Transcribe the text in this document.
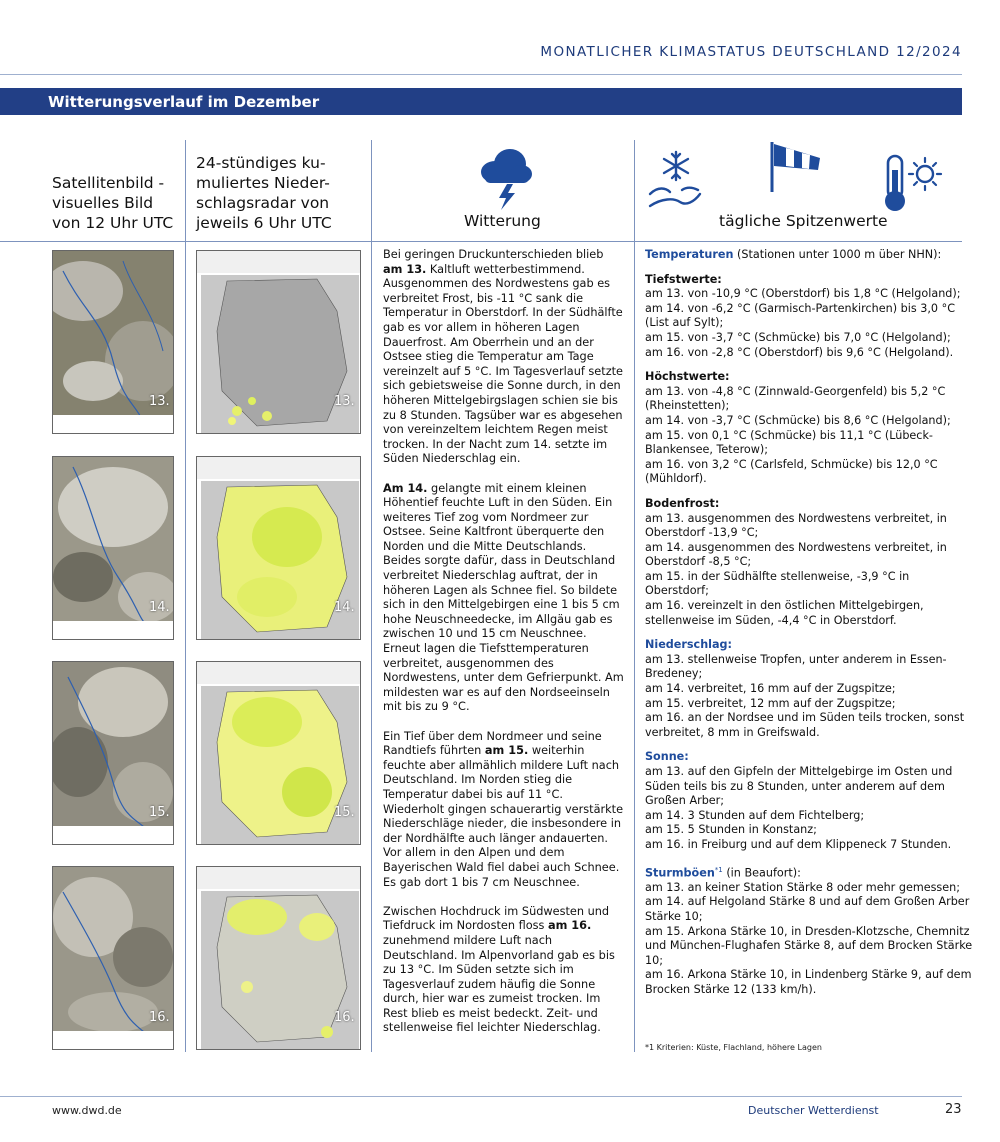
MONATLICHER KLIMASTATUS DEUTSCHLAND 12/2024
Witterungsverlauf im Dezember
Satellitenbild -
visuelles Bild
von 12 Uhr UTC
24-stündiges ku-
muliertes Nieder-
schlagsradar von
jeweils 6 Uhr UTC	Witterung	tägliche Spitzenwerte
13.
14.
15.
16.
13.
14.
15.
16.

Bei geringen Druckunterschieden blieb am 13. Kaltluft wetterbestimmend. Ausgenommen des Nordwestens gab es verbreitet Frost, bis -11 °C sank die Temperatur in Oberstdorf. In der Südhälfte gab es vor allem in höheren Lagen Dauerfrost. Am Oberrhein und an der Ostsee stieg die Temperatur am Tage vereinzelt auf 5 °C. Im Tagesverlauf setzte sich gebietsweise die Sonne durch, in den höheren Mittelgebirgslagen schien sie bis zu 8 Stunden. Tagsüber war es abgesehen von vereinzeltem leichtem Regen meist trocken. In der Nacht zum 14. setzte im Süden Niederschlag ein.

Am 14. gelangte mit einem kleinen Höhentief feuchte Luft in den Süden. Ein weiteres Tief zog vom Nordmeer zur Ostsee. Seine Kaltfront überquerte den Norden und die Mitte Deutschlands. Beides sorgte dafür, dass in Deutschland verbreitet Niederschlag auftrat, der in höheren Lagen als Schnee fiel. So bildete sich in den Mittelgebirgen eine 1 bis 5 cm hohe Neuschneedecke, im Allgäu gab es zwischen 10 und 15 cm Neuschnee. Erneut lagen die Tiefsttemperaturen verbreitet, ausgenommen des Nordwestens, unter dem Gefrierpunkt. Am mildesten war es auf den Nordseeinseln mit bis zu 9 °C.

Ein Tief über dem Nordmeer und seine Randtiefs führten am 15. weiterhin feuchte aber allmählich mildere Luft nach Deutschland. Im Norden stieg die Temperatur dabei bis auf 11 °C. Wiederholt gingen schauerartig verstärkte Niederschläge nieder, die insbesondere in der Nordhälfte auch länger andauerten. Vor allem in den Alpen und dem Bayerischen Wald fiel dabei auch Schnee. Es gab dort 1 bis 7 cm Neuschnee.

Zwischen Hochdruck im Südwesten und Tiefdruck im Nordosten floss am 16. zunehmend mildere Luft nach Deutschland. Im Alpenvorland gab es bis zu 13 °C. Im Süden setzte sich im Tagesverlauf zudem häufig die Sonne durch, hier war es zumeist trocken. Im Rest blieb es meist bedeckt. Zeit- und stellenweise fiel leichter Niederschlag.

Temperaturen (Stationen unter 1000 m über NHN):
Tiefstwerte:
am 13. von -10,9 °C (Oberstdorf) bis 1,8 °C (Helgoland);
am 14. von -6,2 °C (Garmisch-Partenkirchen) bis 3,0 °C (List auf Sylt);
am 15. von -3,7 °C (Schmücke) bis 7,0 °C (Helgoland);
am 16. von -2,8 °C (Oberstdorf) bis 9,6 °C (Helgoland).
Höchstwerte:
am 13. von -4,8 °C (Zinnwald-Georgenfeld) bis 5,2 °C (Rheinstetten);
am 14. von -3,7 °C (Schmücke) bis 8,6 °C (Helgoland);
am 15. von 0,1 °C (Schmücke) bis 11,1 °C (Lübeck-Blankensee, Teterow);
am 16. von 3,2 °C (Carlsfeld, Schmücke) bis 12,0 °C (Mühldorf).
Bodenfrost:
am 13. ausgenommen des Nordwestens verbreitet, in Oberstdorf -13,9 °C;
am 14. ausgenommen des Nordwestens verbreitet, in Oberstdorf -8,5 °C;
am 15. in der Südhälfte stellenweise, -3,9 °C in Oberstdorf;
am 16. vereinzelt in den östlichen Mittelgebirgen, stellenweise im Süden, -4,4 °C in Oberstdorf.
Niederschlag:
am 13. stellenweise Tropfen, unter anderem in Essen-Bredeney;
am 14. verbreitet, 16 mm auf der Zugspitze;
am 15. verbreitet, 12 mm auf der Zugspitze;
am 16. an der Nordsee und im Süden teils trocken, sonst verbreitet, 8 mm in Greifswald.
Sonne:
am 13. auf den Gipfeln der Mittelgebirge im Osten und Süden teils bis zu 8 Stunden, unter anderem auf dem Großen Arber;
am 14. 3 Stunden auf dem Fichtelberg;
am 15. 5 Stunden in Konstanz;
am 16. in Freiburg und auf dem Klippeneck 7 Stunden.
Sturmböen$^{*1}$ (in Beaufort):
am 13. an keiner Station Stärke 8 oder mehr gemessen;
am 14. auf Helgoland Stärke 8 und auf dem Großen Arber Stärke 10;
am 15. Arkona Stärke 10, in Dresden-Klotzsche, Chemnitz und München-Flughafen Stärke 8, auf dem Brocken Stärke 10;
am 16. Arkona Stärke 10, in Lindenberg Stärke 9, auf dem Brocken Stärke 12 (133 km/h).
*1 Kriterien: Küste, Flachland, höhere Lagen
www.dwd.de	Deutscher Wetterdienst	23
